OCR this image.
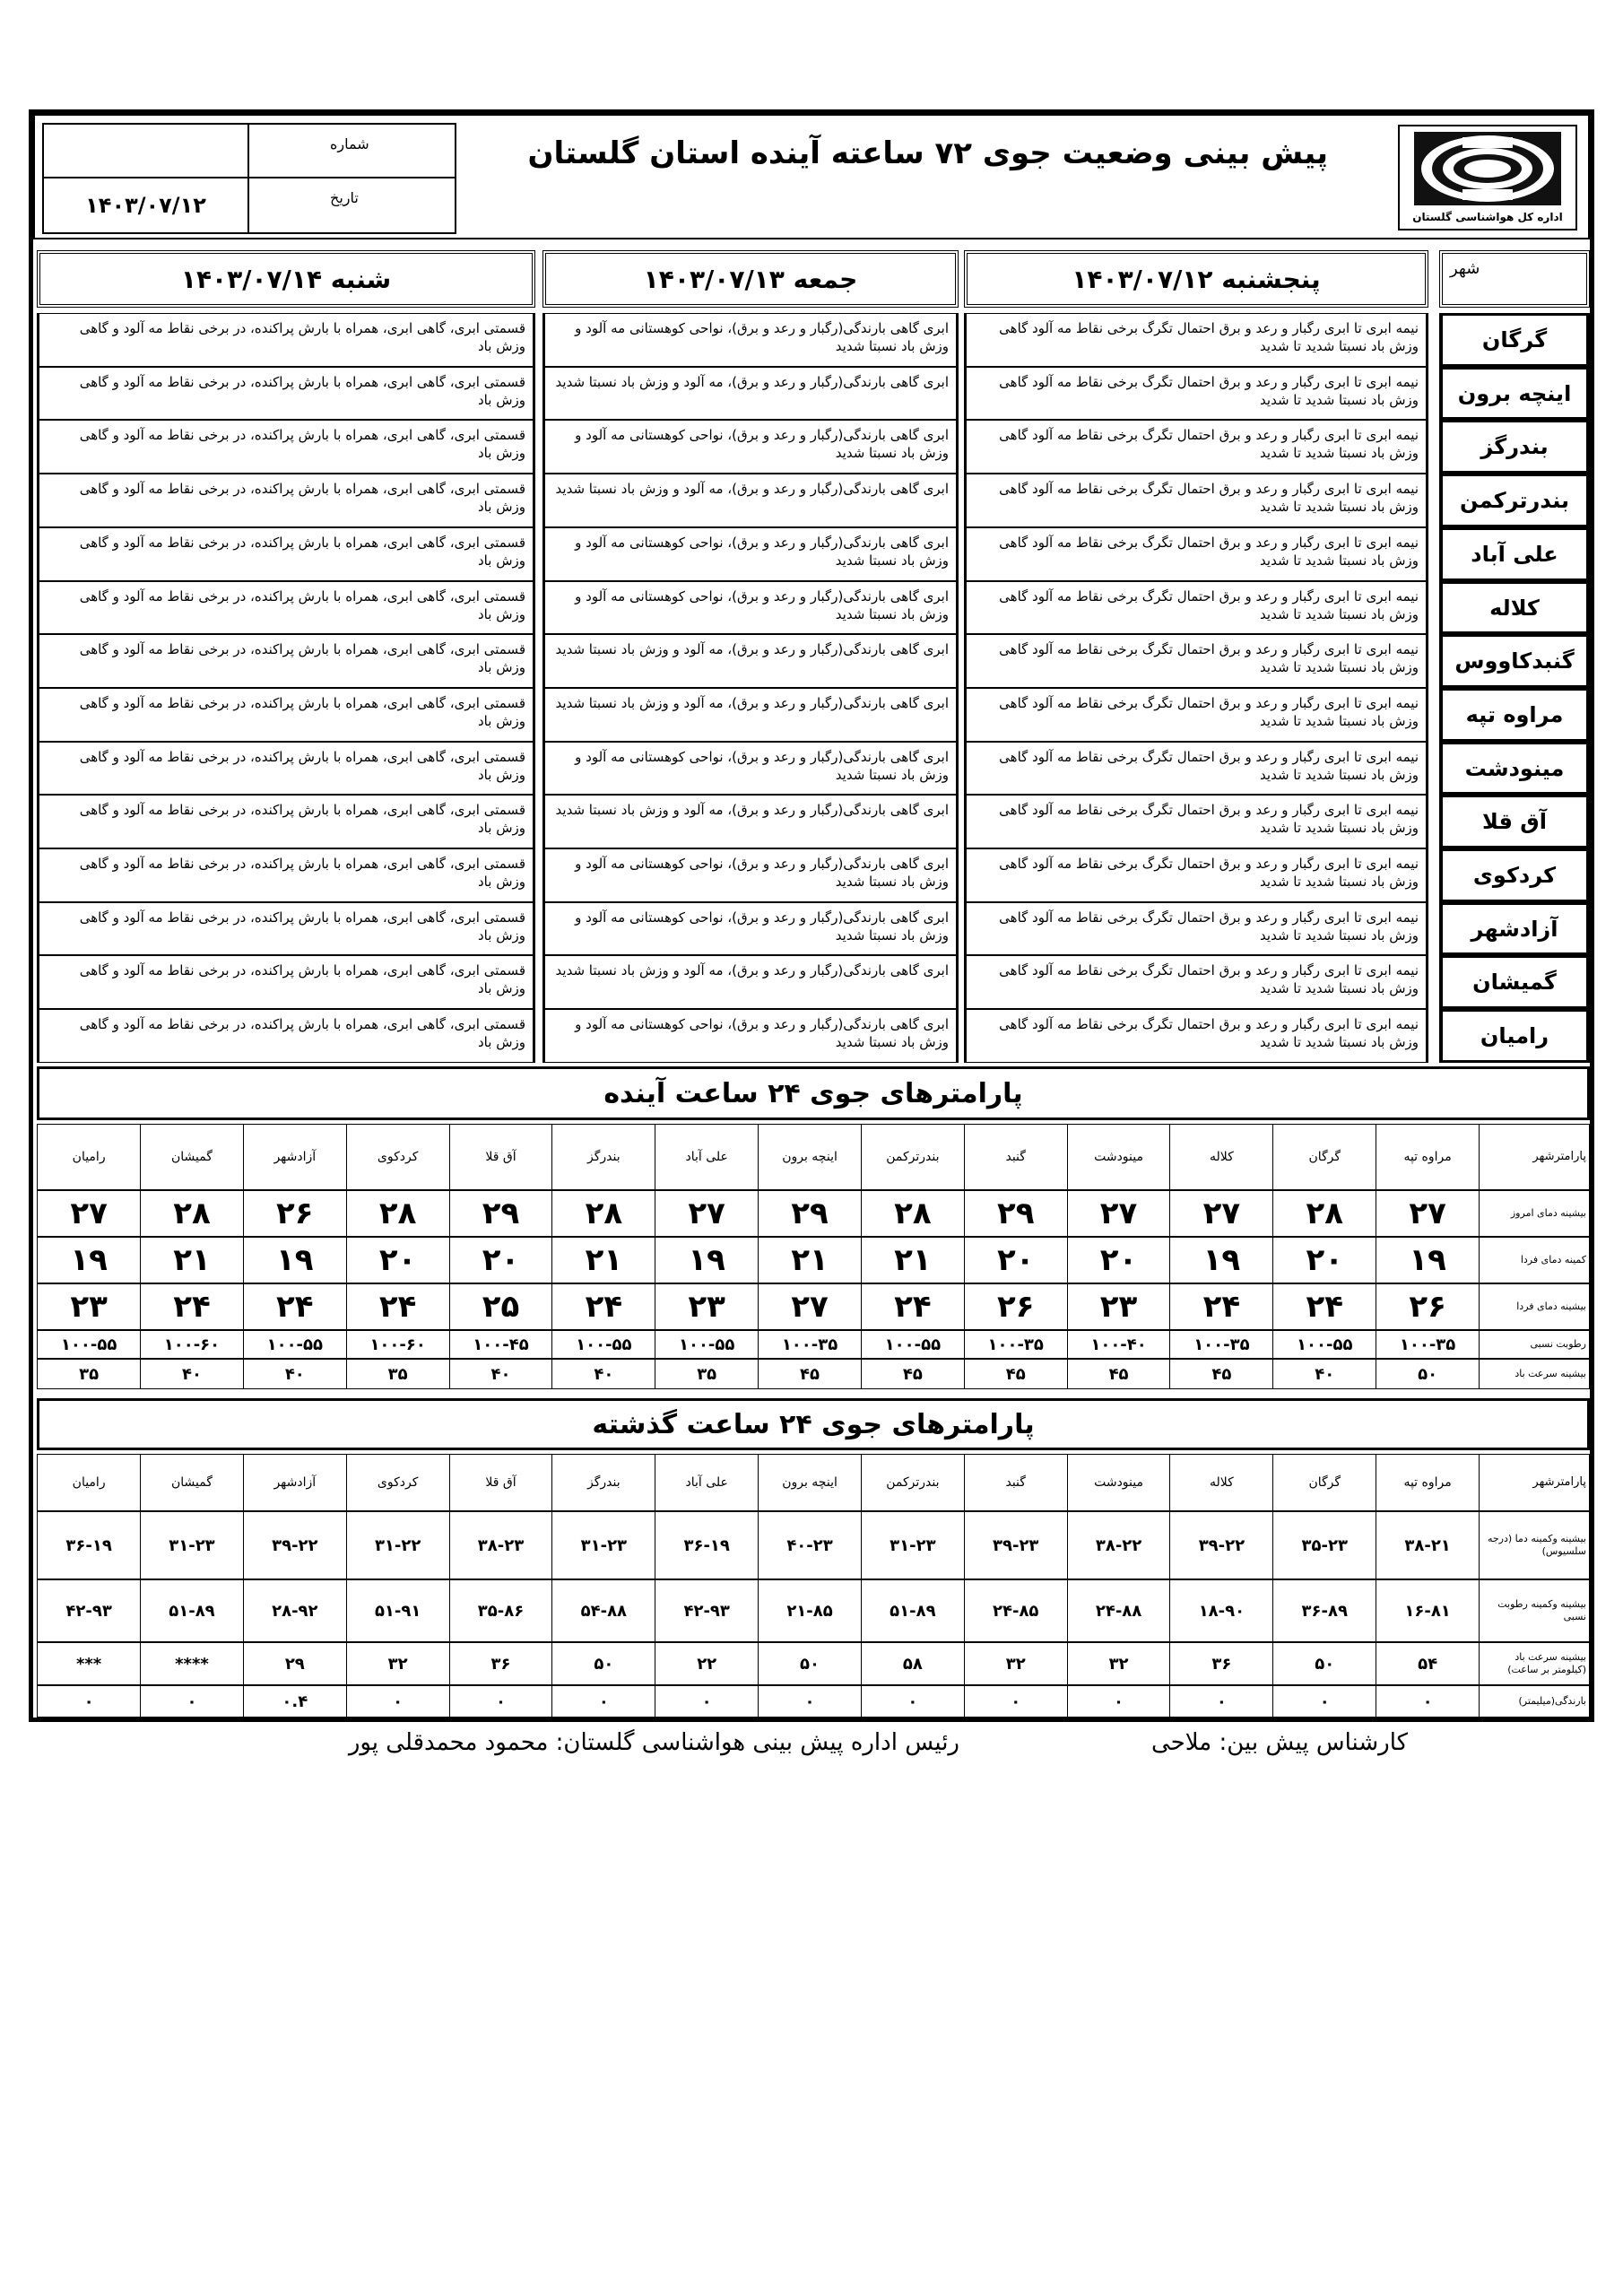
اداره کل هواشناسی گلستان
پیش بینی وضعیت جوی ۷۲ ساعته آینده استان گلستان
شماره
۱۴۰۳/۰۷/۱۲	تاریخ
شهر
پنجشنبه ۱۴۰۳/۰۷/۱۲
جمعه ۱۴۰۳/۰۷/۱۳
شنبه ۱۴۰۳/۰۷/۱۴
گرگان
نیمه ابری تا ابری رگبار و رعد و برق احتمال تگرگ برخی نقاط مه آلود گاهی وزش باد نسبتا شدید تا شدید
ابری گاهی بارندگی(رگبار و رعد و برق)، نواحی کوهستانی مه آلود و وزش باد نسبتا شدید
قسمتی ابری، گاهی ابری، همراه با بارش پراکنده، در برخی نقاط مه آلود و گاهی وزش باد
اینچه برون
نیمه ابری تا ابری رگبار و رعد و برق احتمال تگرگ برخی نقاط مه آلود گاهی وزش باد نسبتا شدید تا شدید
ابری گاهی بارندگی(رگبار و رعد و برق)، مه آلود و وزش باد نسبتا شدید
قسمتی ابری، گاهی ابری، همراه با بارش پراکنده، در برخی نقاط مه آلود و گاهی وزش باد
بندرگز
نیمه ابری تا ابری رگبار و رعد و برق احتمال تگرگ برخی نقاط مه آلود گاهی وزش باد نسبتا شدید تا شدید
ابری گاهی بارندگی(رگبار و رعد و برق)، نواحی کوهستانی مه آلود و وزش باد نسبتا شدید
قسمتی ابری، گاهی ابری، همراه با بارش پراکنده، در برخی نقاط مه آلود و گاهی وزش باد
بندرترکمن
نیمه ابری تا ابری رگبار و رعد و برق احتمال تگرگ برخی نقاط مه آلود گاهی وزش باد نسبتا شدید تا شدید
ابری گاهی بارندگی(رگبار و رعد و برق)، مه آلود و وزش باد نسبتا شدید
قسمتی ابری، گاهی ابری، همراه با بارش پراکنده، در برخی نقاط مه آلود و گاهی وزش باد
علی آباد
نیمه ابری تا ابری رگبار و رعد و برق احتمال تگرگ برخی نقاط مه آلود گاهی وزش باد نسبتا شدید تا شدید
ابری گاهی بارندگی(رگبار و رعد و برق)، نواحی کوهستانی مه آلود و وزش باد نسبتا شدید
قسمتی ابری، گاهی ابری، همراه با بارش پراکنده، در برخی نقاط مه آلود و گاهی وزش باد
کلاله
نیمه ابری تا ابری رگبار و رعد و برق احتمال تگرگ برخی نقاط مه آلود گاهی وزش باد نسبتا شدید تا شدید
ابری گاهی بارندگی(رگبار و رعد و برق)، نواحی کوهستانی مه آلود و وزش باد نسبتا شدید
قسمتی ابری، گاهی ابری، همراه با بارش پراکنده، در برخی نقاط مه آلود و گاهی وزش باد
گنبدکاووس
نیمه ابری تا ابری رگبار و رعد و برق احتمال تگرگ برخی نقاط مه آلود گاهی وزش باد نسبتا شدید تا شدید
ابری گاهی بارندگی(رگبار و رعد و برق)، مه آلود و وزش باد نسبتا شدید
قسمتی ابری، گاهی ابری، همراه با بارش پراکنده، در برخی نقاط مه آلود و گاهی وزش باد
مراوه تپه
نیمه ابری تا ابری رگبار و رعد و برق احتمال تگرگ برخی نقاط مه آلود گاهی وزش باد نسبتا شدید تا شدید
ابری گاهی بارندگی(رگبار و رعد و برق)، مه آلود و وزش باد نسبتا شدید
قسمتی ابری، گاهی ابری، همراه با بارش پراکنده، در برخی نقاط مه آلود و گاهی وزش باد
مینودشت
نیمه ابری تا ابری رگبار و رعد و برق احتمال تگرگ برخی نقاط مه آلود گاهی وزش باد نسبتا شدید تا شدید
ابری گاهی بارندگی(رگبار و رعد و برق)، نواحی کوهستانی مه آلود و وزش باد نسبتا شدید
قسمتی ابری، گاهی ابری، همراه با بارش پراکنده، در برخی نقاط مه آلود و گاهی وزش باد
آق قلا
نیمه ابری تا ابری رگبار و رعد و برق احتمال تگرگ برخی نقاط مه آلود گاهی وزش باد نسبتا شدید تا شدید
ابری گاهی بارندگی(رگبار و رعد و برق)، مه آلود و وزش باد نسبتا شدید
قسمتی ابری، گاهی ابری، همراه با بارش پراکنده، در برخی نقاط مه آلود و گاهی وزش باد
کردکوی
نیمه ابری تا ابری رگبار و رعد و برق احتمال تگرگ برخی نقاط مه آلود گاهی وزش باد نسبتا شدید تا شدید
ابری گاهی بارندگی(رگبار و رعد و برق)، نواحی کوهستانی مه آلود و وزش باد نسبتا شدید
قسمتی ابری، گاهی ابری، همراه با بارش پراکنده، در برخی نقاط مه آلود و گاهی وزش باد
آزادشهر
نیمه ابری تا ابری رگبار و رعد و برق احتمال تگرگ برخی نقاط مه آلود گاهی وزش باد نسبتا شدید تا شدید
ابری گاهی بارندگی(رگبار و رعد و برق)، نواحی کوهستانی مه آلود و وزش باد نسبتا شدید
قسمتی ابری، گاهی ابری، همراه با بارش پراکنده، در برخی نقاط مه آلود و گاهی وزش باد
گمیشان
نیمه ابری تا ابری رگبار و رعد و برق احتمال تگرگ برخی نقاط مه آلود گاهی وزش باد نسبتا شدید تا شدید
ابری گاهی بارندگی(رگبار و رعد و برق)، مه آلود و وزش باد نسبتا شدید
قسمتی ابری، گاهی ابری، همراه با بارش پراکنده، در برخی نقاط مه آلود و گاهی وزش باد
رامیان
نیمه ابری تا ابری رگبار و رعد و برق احتمال تگرگ برخی نقاط مه آلود گاهی وزش باد نسبتا شدید تا شدید
ابری گاهی بارندگی(رگبار و رعد و برق)، نواحی کوهستانی مه آلود و وزش باد نسبتا شدید
قسمتی ابری، گاهی ابری، همراه با بارش پراکنده، در برخی نقاط مه آلود و گاهی وزش باد
پارامترهای جوی ۲۴ ساعت آینده
پارامترشهر
مراوه تپه
گرگان
کلاله
مینودشت
گنبد
بندرترکمن
اینچه برون
علی آباد
بندرگز
آق قلا
کردکوی
آزادشهر
گمیشان
رامیان
بیشینه دمای امروز
۲۷
۲۸
۲۷
۲۷
۲۹
۲۸
۲۹
۲۷
۲۸
۲۹
۲۸
۲۶
۲۸
۲۷
کمینه دمای فردا
۱۹
۲۰
۱۹
۲۰
۲۰
۲۱
۲۱
۱۹
۲۱
۲۰
۲۰
۱۹
۲۱
۱۹
بیشینه دمای فردا
۲۶
۲۴
۲۴
۲۳
۲۶
۲۴
۲۷
۲۳
۲۴
۲۵
۲۴
۲۴
۲۴
۲۳
رطوبت نسبی
۱۰۰-۳۵
۱۰۰-۵۵
۱۰۰-۳۵
۱۰۰-۴۰
۱۰۰-۳۵
۱۰۰-۵۵
۱۰۰-۳۵
۱۰۰-۵۵
۱۰۰-۵۵
۱۰۰-۴۵
۱۰۰-۶۰
۱۰۰-۵۵
۱۰۰-۶۰
۱۰۰-۵۵
بیشینه سرعت باد
۵۰
۴۰
۴۵
۴۵
۴۵
۴۵
۴۵
۳۵
۴۰
۴۰
۳۵
۴۰
۴۰
۳۵
پارامترهای جوی ۲۴ ساعت گذشته
پارامترشهر
مراوه تپه
گرگان
کلاله
مینودشت
گنبد
بندرترکمن
اینچه برون
علی آباد
بندرگز
آق قلا
کردکوی
آزادشهر
گمیشان
رامیان
بیشینه وکمینه دما (درجه سلسیوس)
۳۸-۲۱
۳۵-۲۳
۳۹-۲۲
۳۸-۲۲
۳۹-۲۳
۳۱-۲۳
۴۰-۲۳
۳۶-۱۹
۳۱-۲۳
۳۸-۲۳
۳۱-۲۲
۳۹-۲۲
۳۱-۲۳
۳۶-۱۹
بیشینه وکمینه رطوبت نسبی
۱۶-۸۱
۳۶-۸۹
۱۸-۹۰
۲۴-۸۸
۲۴-۸۵
۵۱-۸۹
۲۱-۸۵
۴۲-۹۳
۵۴-۸۸
۳۵-۸۶
۵۱-۹۱
۲۸-۹۲
۵۱-۸۹
۴۲-۹۳
بیشینه سرعت باد (کیلومتر بر ساعت)
۵۴
۵۰
۳۶
۳۲
۳۲
۵۸
۵۰
۲۲
۵۰
۳۶
۳۲
۲۹
****
***
بارندگی(میلیمتر)
۰
۰
۰
۰
۰
۰
۰
۰
۰
۰
۰
۰.۴
۰
۰
کارشناس پیش بین: ملاحی
رئیس اداره پیش بینی هواشناسی گلستان: محمود محمدقلی پور
